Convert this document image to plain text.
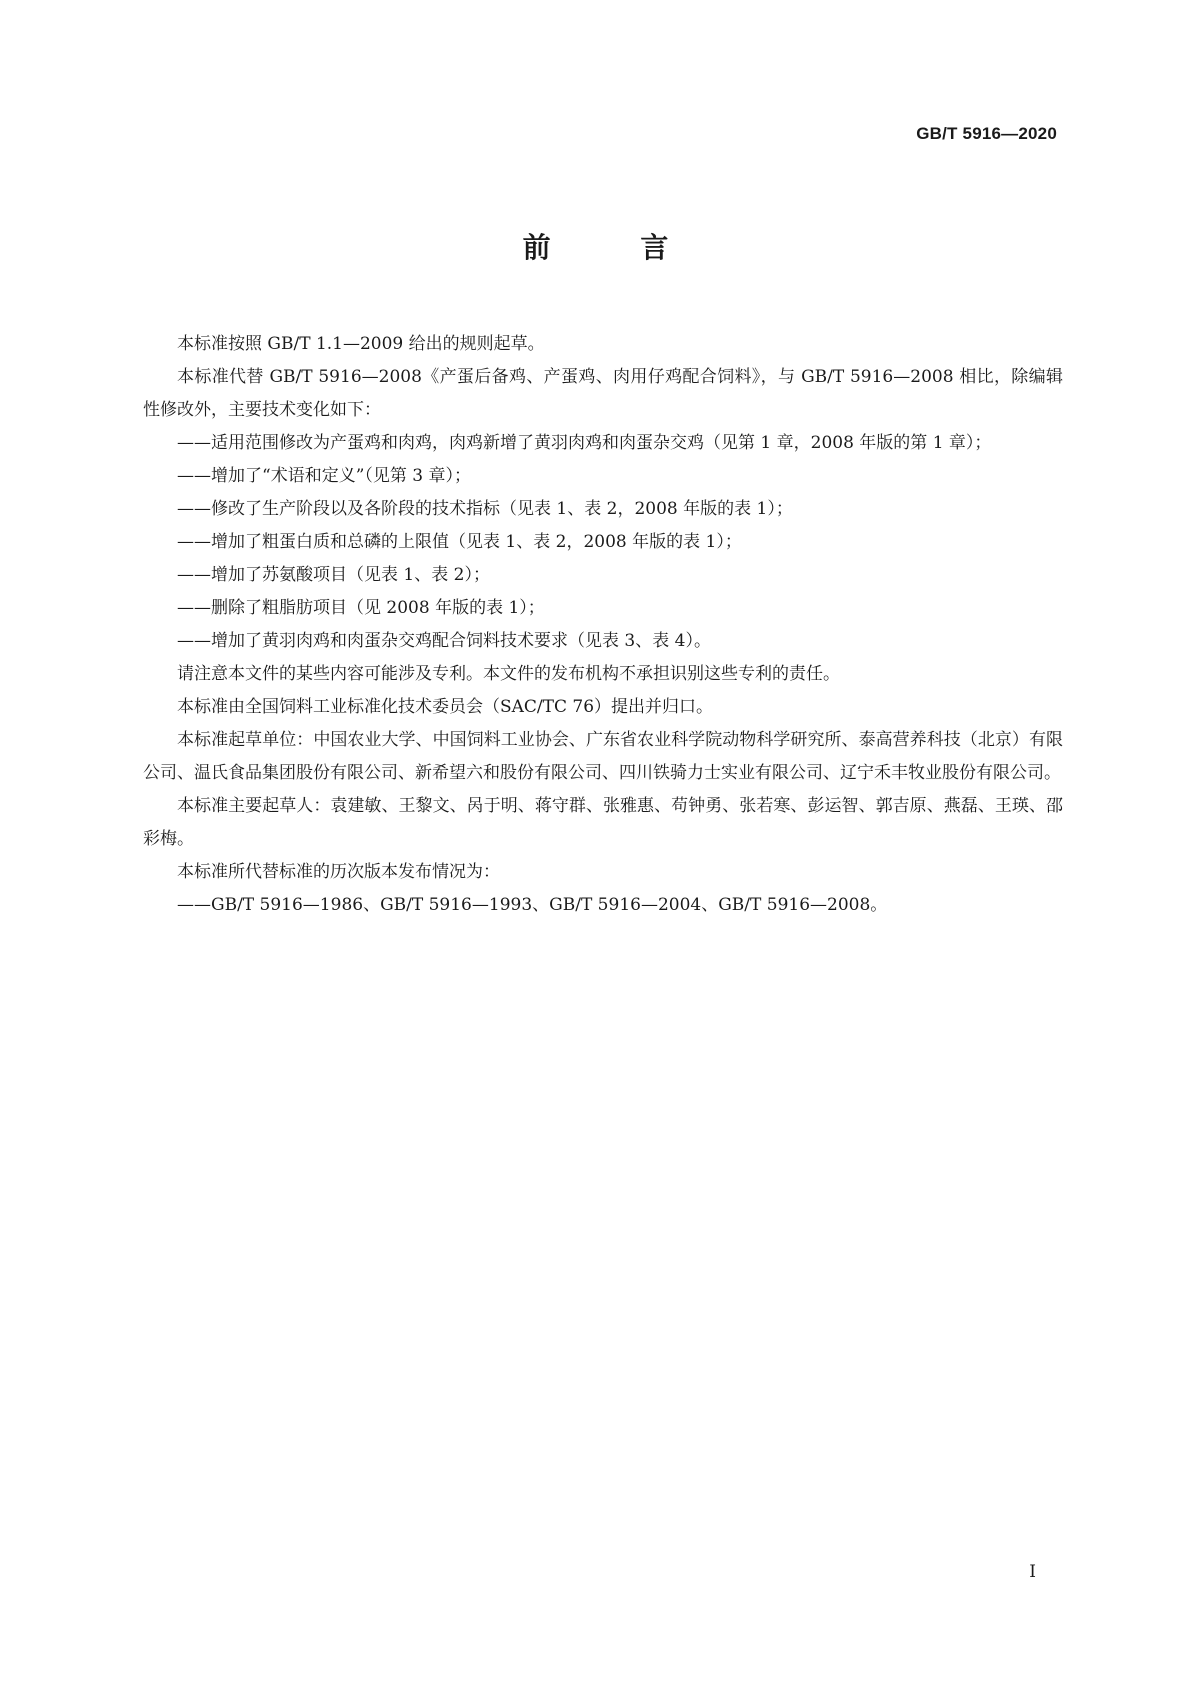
GB/T 5916—2020
前 言

本标准按照 GB/T 1.1—2009 给出的规则起草。

本标准代替 GB/T 5916—2008《产蛋后备鸡、产蛋鸡、肉用仔鸡配合饲料》，与 GB/T 5916—2008 相比，除编辑性修改外，主要技术变化如下：

——适用范围修改为产蛋鸡和肉鸡，肉鸡新增了黄羽肉鸡和肉蛋杂交鸡（见第 1 章，2008 年版的第 1 章）；

——增加了“术语和定义”（见第 3 章）；

——修改了生产阶段以及各阶段的技术指标（见表 1、表 2，2008 年版的表 1）；

——增加了粗蛋白质和总磷的上限值（见表 1、表 2，2008 年版的表 1）；

——增加了苏氨酸项目（见表 1、表 2）；

——删除了粗脂肪项目（见 2008 年版的表 1）；

——增加了黄羽肉鸡和肉蛋杂交鸡配合饲料技术要求（见表 3、表 4）。

请注意本文件的某些内容可能涉及专利。本文件的发布机构不承担识别这些专利的责任。

本标准由全国饲料工业标准化技术委员会（SAC/TC 76）提出并归口。

本标准起草单位：中国农业大学、中国饲料工业协会、广东省农业科学院动物科学研究所、泰高营养科技（北京）有限公司、温氏食品集团股份有限公司、新希望六和股份有限公司、四川铁骑力士实业有限公司、辽宁禾丰牧业股份有限公司。

本标准主要起草人：袁建敏、王黎文、呙于明、蒋守群、张雅惠、苟钟勇、张若寒、彭运智、郭吉原、燕磊、王瑛、邵彩梅。

本标准所代替标准的历次版本发布情况为：

——GB/T 5916—1986、GB/T 5916—1993、GB/T 5916—2004、GB/T 5916—2008。

I
